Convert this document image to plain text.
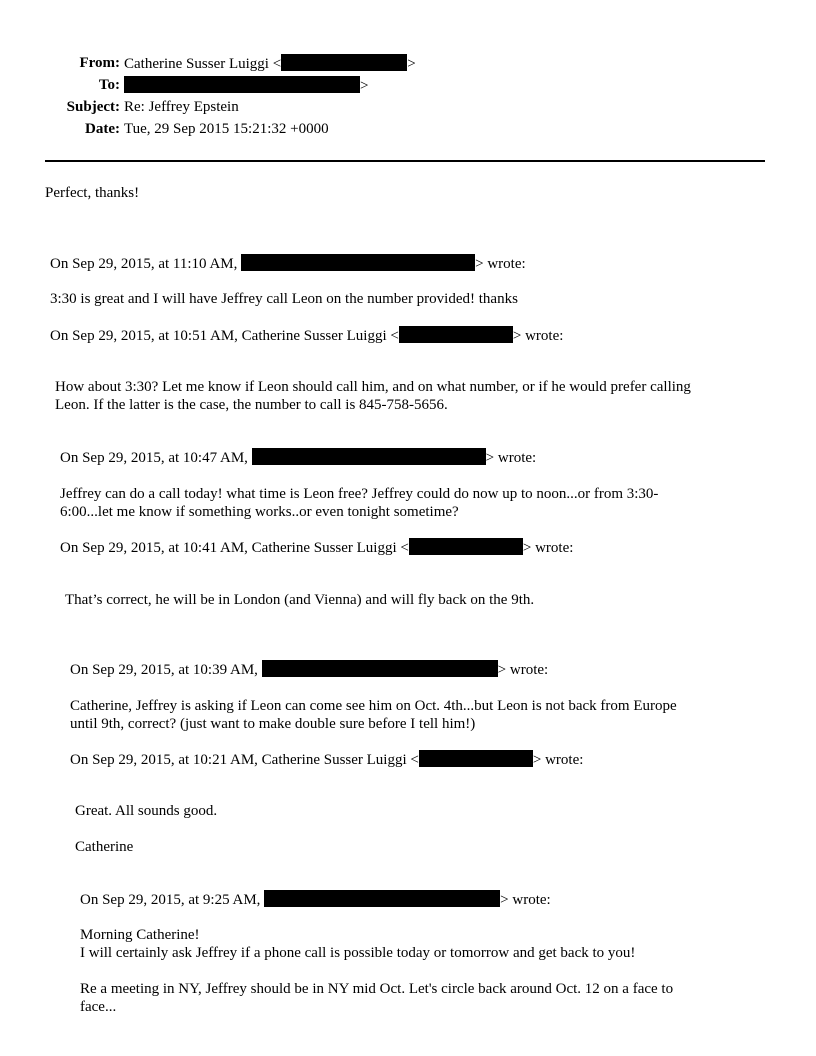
From: Catherine Susser Luiggi <	>
To:	>
Subject: Re: Jeffrey Epstein
Date: Tue, 29 Sep 2015 15:21:32 +0000
Perfect, thanks!
On Sep 29, 2015, at 11:10 AM,	> wrote:
3:30 is great and I will have Jeffrey call Leon on the number provided! thanks
On Sep 29, 2015, at 10:51 AM, Catherine Susser Luiggi <	> wrote:
How about 3:30? Let me know if Leon should call him, and on what number, or if he would prefer calling
Leon. If the latter is the case, the number to call is 845-758-5656.
On Sep 29, 2015, at 10:47 AM,	> wrote:
Jeffrey can do a call today! what time is Leon free? Jeffrey could do now up to noon...or from 3:30-
6:00...let me know if something works..or even tonight sometime?
On Sep 29, 2015, at 10:41 AM, Catherine Susser Luiggi <	> wrote:
That’s correct, he will be in London (and Vienna) and will fly back on the 9th.
On Sep 29, 2015, at 10:39 AM,	> wrote:
Catherine, Jeffrey is asking if Leon can come see him on Oct. 4th...but Leon is not back from Europe
until 9th, correct? (just want to make double sure before I tell him!)
On Sep 29, 2015, at 10:21 AM, Catherine Susser Luiggi <	> wrote:
Great. All sounds good.
Catherine
On Sep 29, 2015, at 9:25 AM,	> wrote:
Morning Catherine!
I will certainly ask Jeffrey if a phone call is possible today or tomorrow and get back to you!
Re a meeting in NY, Jeffrey should be in NY mid Oct. Let's circle back around Oct. 12 on a face to
face...
